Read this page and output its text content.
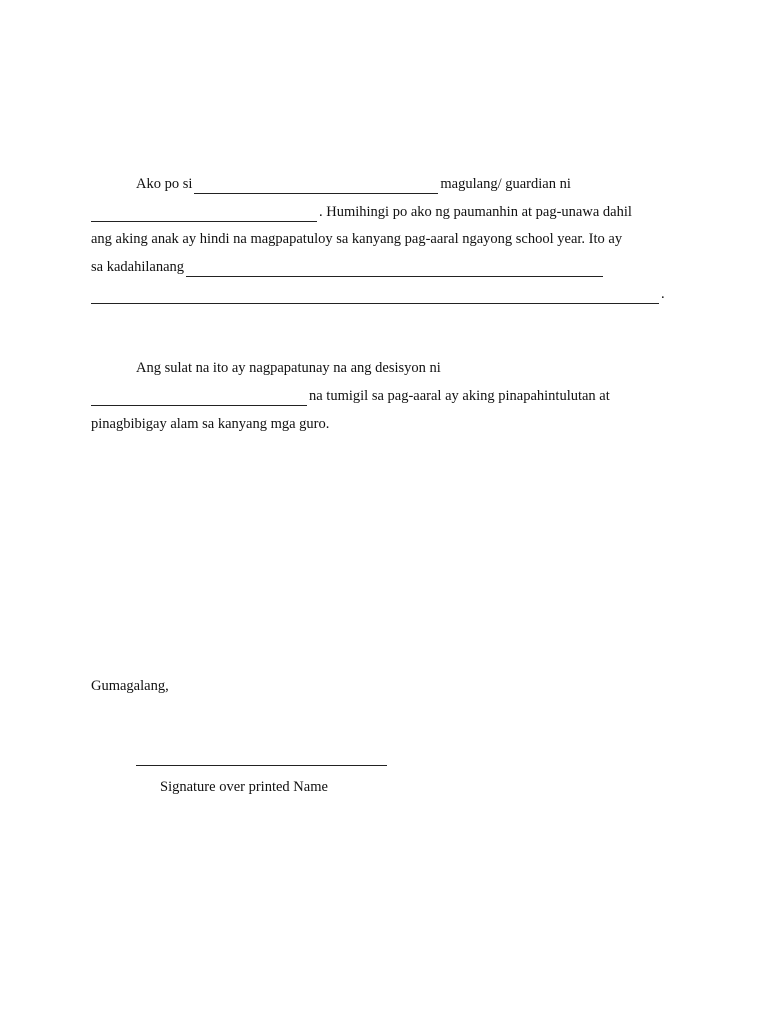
Ako po si	magulang/ guardian ni
. Humihingi po ako ng paumanhin at pag-unawa dahil
ang aking anak ay hindi na magpapatuloy sa kanyang pag-aaral ngayong school year. Ito ay
sa kadahilanang
.
Ang sulat na ito ay nagpapatunay na ang desisyon ni
na tumigil sa pag-aaral ay aking pinapahintulutan at
pinagbibigay alam sa kanyang mga guro.
Gumagalang,
Signature over printed Name
